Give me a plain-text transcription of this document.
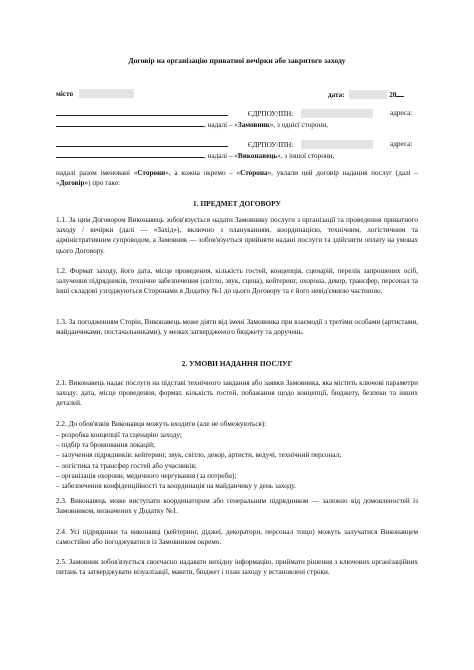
Договір на організацію приватної вечірки або закритого заходу
місто	дата:	20
ЄДРПОУ/ІПН:	адреса:
, надалі – «Замовник», з однієї сторони,
ЄДРПОУ/ІПН:	адреса:
, надалі – «Виконавець», з іншої сторони,

надалі разом іменовані «Сторони», а кожна окремо – «Сторона», уклали цей договір надання послуг (далі – «Договір») про таке:

1. ПРЕДМЕТ ДОГОВОРУ

1.1. За цим Договором Виконавець зобов'язується надати Замовнику послуги з організації та проведення приватного заходу / вечірки (далі — «Захід»), включно з плануванням, координацією, технічним, логістичним та адміністративним супроводом, а Замовник — зобов'язується прийняти надані послуги та здійснити оплату на умовах цього Договору.

1.2. Формат заходу, його дата, місце проведення, кількість гостей, концепція, сценарій, перелік запрошених осіб, залучення підрядників, технічне забезпечення (світло, звук, сцена), кейтеринг, охорона, декор, трансфер, персонал та інші складові узгоджуються Сторонами в Додатку №1 до цього Договору та є його невід'ємною частиною.

1.3. За погодженням Сторін, Виконавець може діяти від імені Замовника при взаємодії з третіми особами (артистами, майданчиками, постачальниками), у межах затвердженого бюджету та доручень.

2. УМОВИ НАДАННЯ ПОСЛУГ

2.1. Виконавець надає послуги на підставі технічного завдання або заявки Замовника, яка містить ключові параметри заходу: дата, місце проведення, формат, кількість гостей, побажання щодо концепції, бюджету, безпеки та інших деталей.

2.2. До обов'язків Виконавця можуть входити (але не обмежуються):

– розробка концепції та сценарію заходу;
– підбір та бронювання локацій;
– залучення підрядників: кейтеринг, звук, світло, декор, артисти, ведучі, технічний персонал;
– логістика та трансфер гостей або учасників;
– організація охорони, медичного чергування (за потреби);
– забезпечення конфіденційності та координація на майданчику у день заходу.

2.3. Виконавець може виступати координатором або генеральним підрядником — залежно від домовленостей із Замовником, визначених у Додатку №1.

2.4. Усі підрядники та виконавці (кейтеринг, діджеї, декоратори, персонал тощо) можуть залучатися Виконавцем самостійно або погоджуватися із Замовником окремо.

2.5. Замовник зобов'язується своєчасно надавати вихідну інформацію, приймати рішення з ключових організаційних питань та затверджувати візуалізації, макети, бюджет і план заходу у встановлені строки.
